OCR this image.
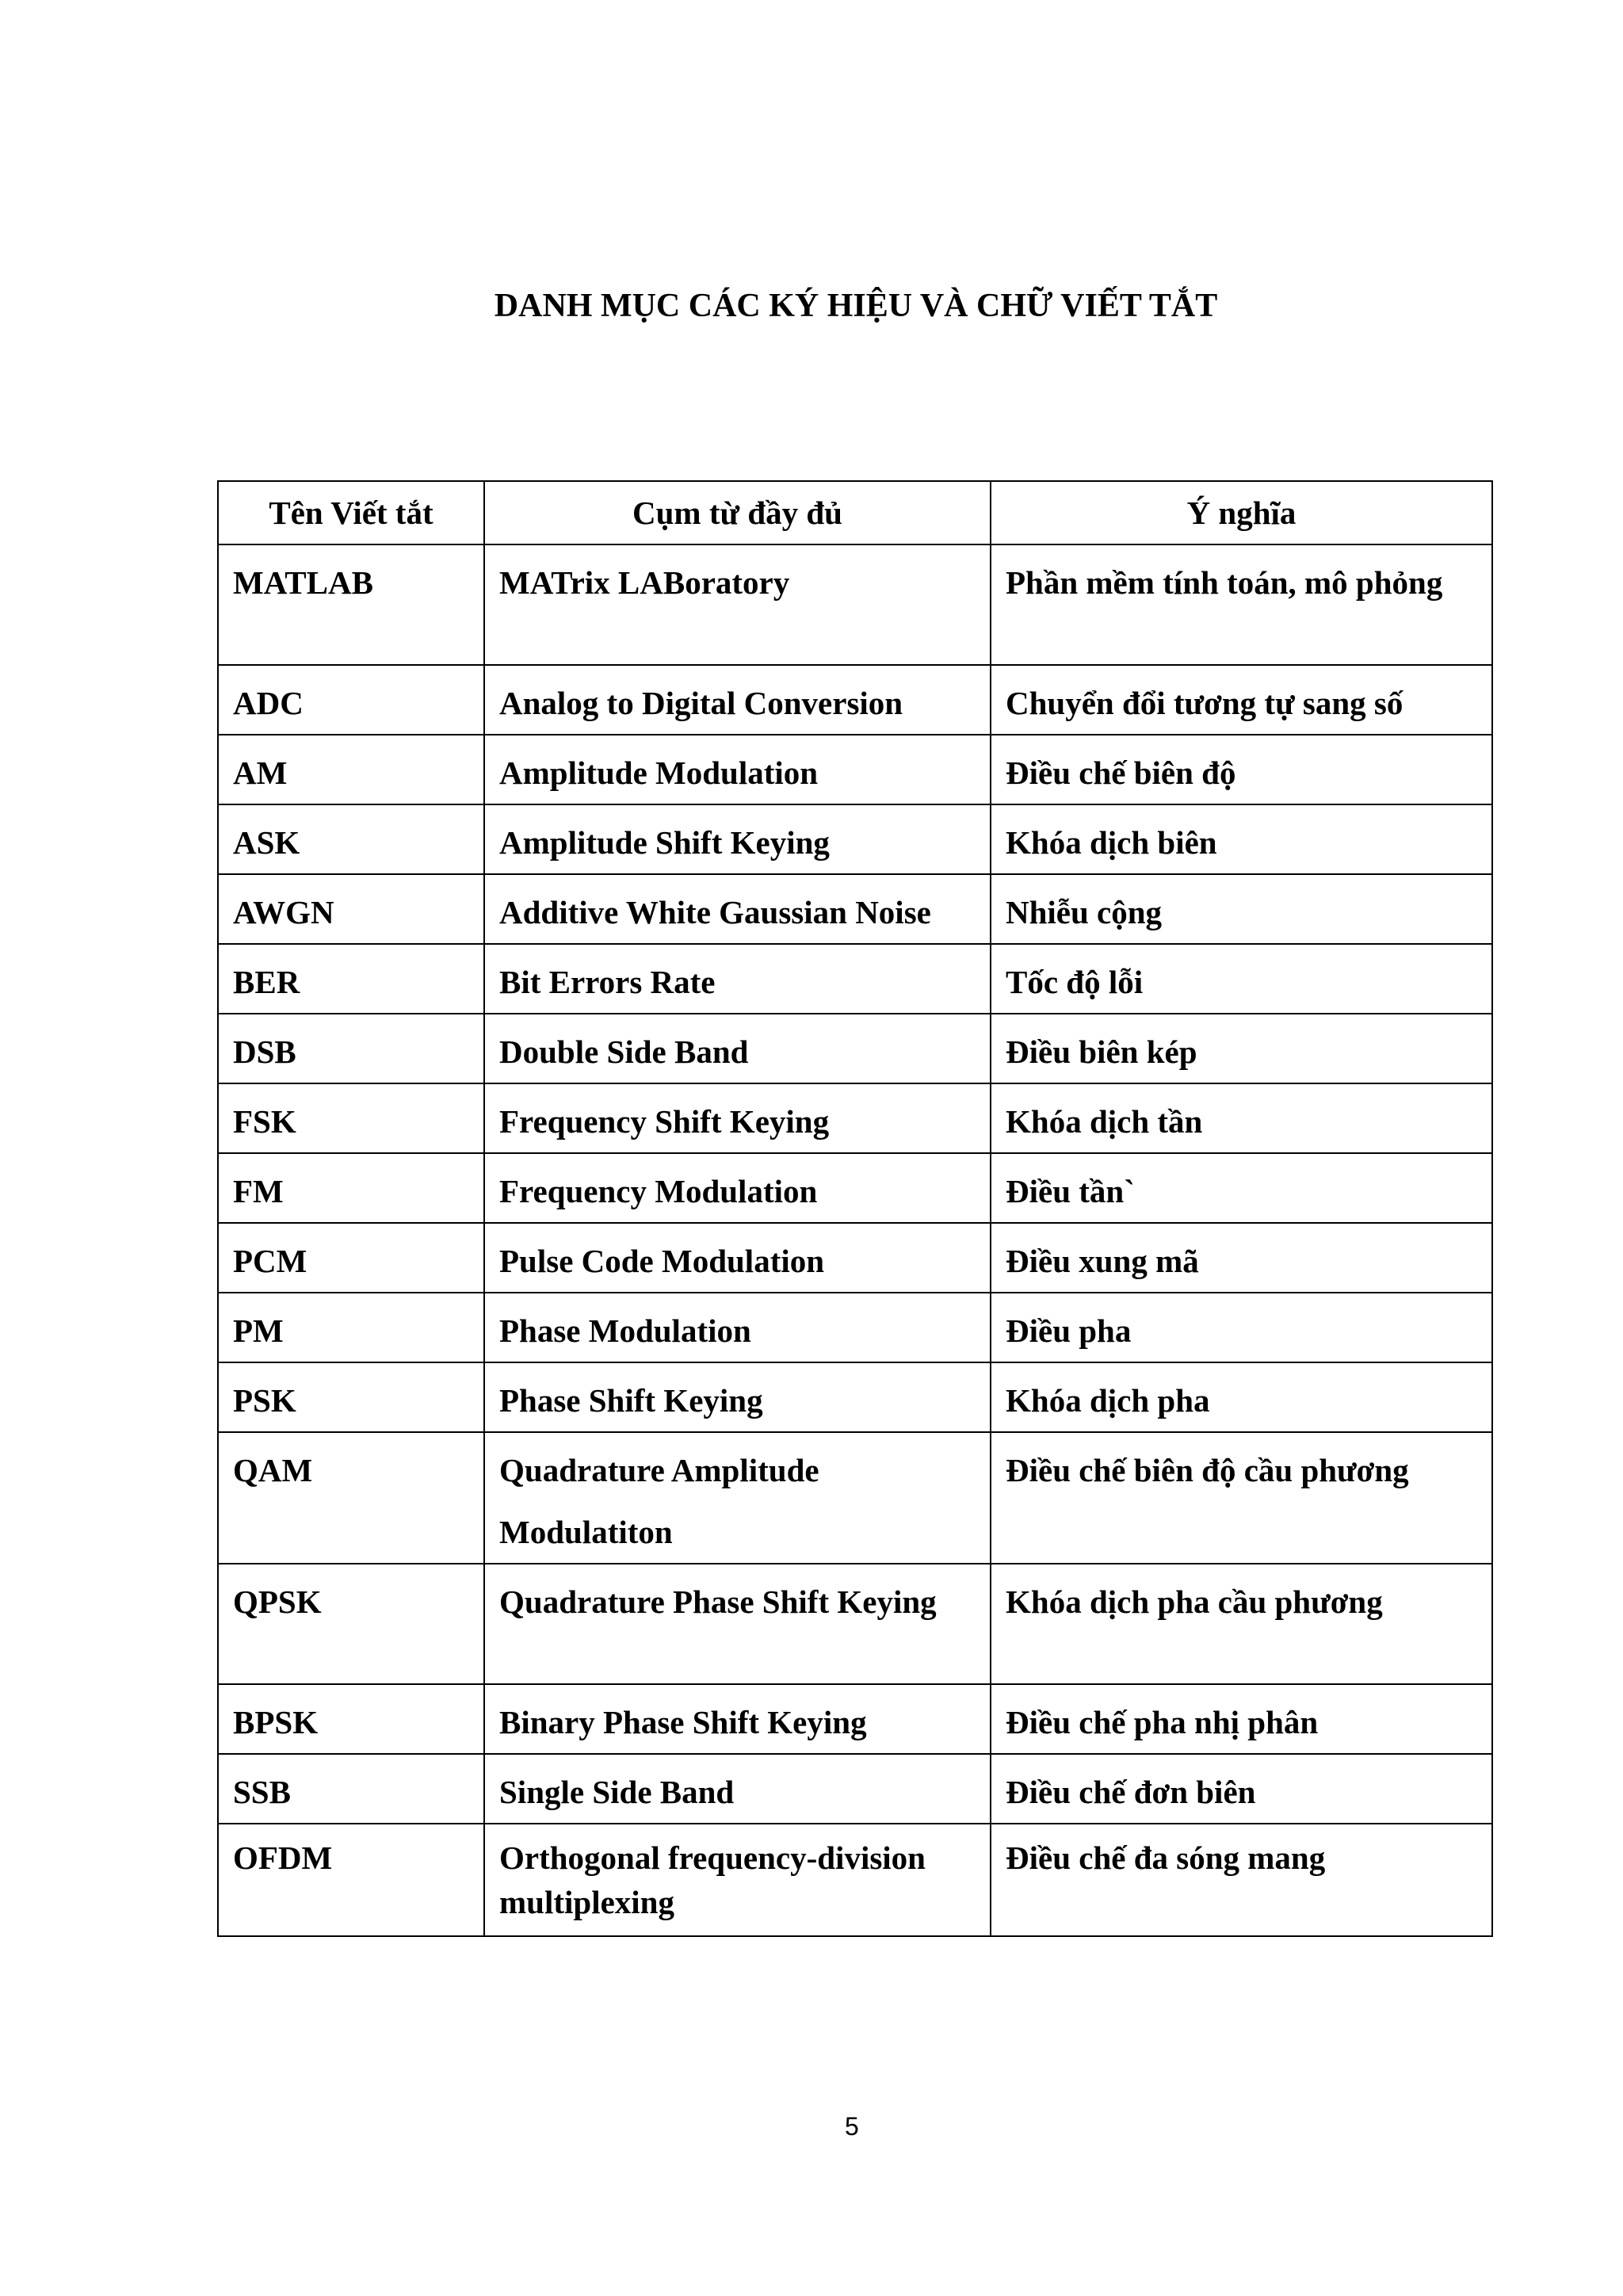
DANH MỤC CÁC KÝ HIỆU VÀ CHỮ VIẾT TẮT
Tên Viết tắt	Cụm từ đầy đủ	Ý nghĩa
MATLAB	MATrix LABoratory	Phần mềm tính toán, mô phỏng
ADC	Analog to Digital Conversion	Chuyển đổi tương tự sang số
AM	Amplitude Modulation	Điều chế biên độ
ASK	Amplitude Shift Keying	Khóa dịch biên
AWGN	Additive White Gaussian Noise	Nhiễu cộng
BER	Bit Errors Rate	Tốc độ lỗi
DSB	Double Side Band	Điều biên kép
FSK	Frequency Shift Keying	Khóa dịch tần
FM	Frequency Modulation	Điều tần`
PCM	Pulse Code Modulation	Điều xung mã
PM	Phase Modulation	Điều pha
PSK	Phase Shift Keying	Khóa dịch pha
QAM	Quadrature Amplitude Modulatiton	Điều chế biên độ cầu phương
QPSK	Quadrature Phase Shift Keying	Khóa dịch pha cầu phương
BPSK	Binary Phase Shift Keying	Điều chế pha nhị phân
SSB	Single Side Band	Điều chế đơn biên
OFDM	Orthogonal frequency-division multiplexing	Điều chế đa sóng mang
5
